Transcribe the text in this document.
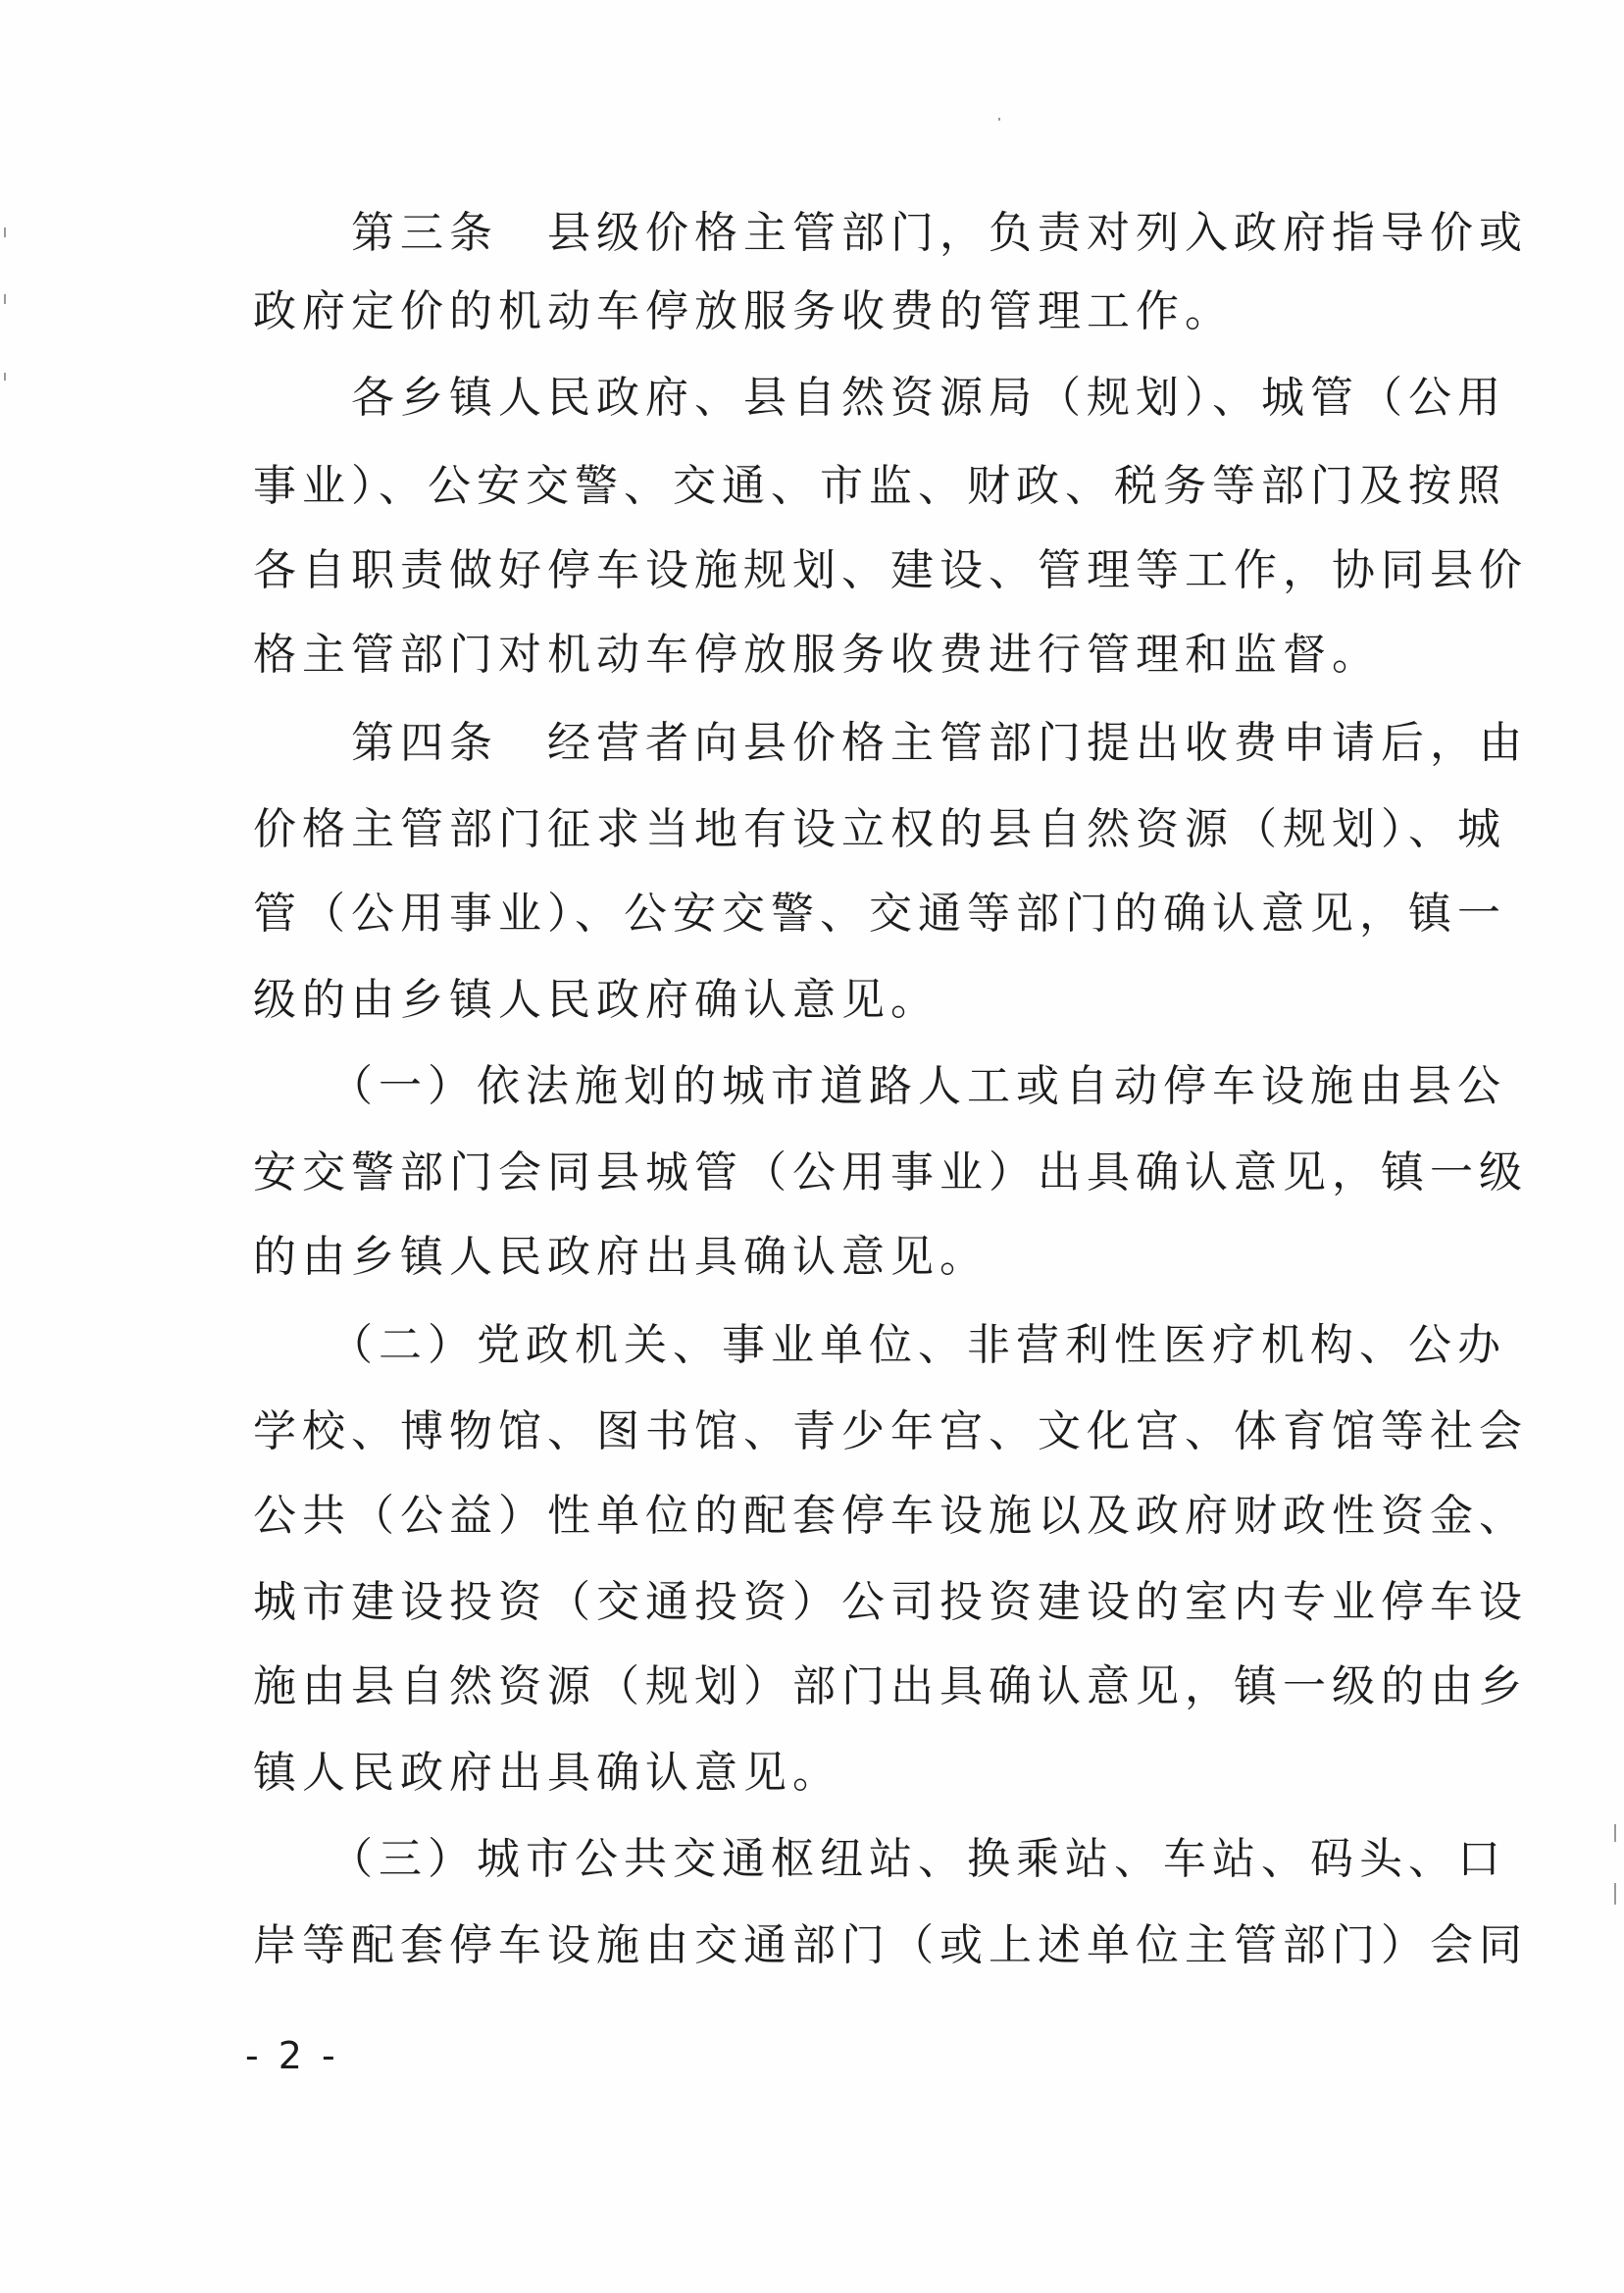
　　第三条　县级价格主管部门，负责对列入政府指导价或
政府定价的机动车停放服务收费的管理工作。
　　各乡镇人民政府、县自然资源局（规划）、城管（公用
事业）、公安交警、交通、市监、财政、税务等部门及按照
各自职责做好停车设施规划、建设、管理等工作，协同县价
格主管部门对机动车停放服务收费进行管理和监督。
　　第四条　经营者向县价格主管部门提出收费申请后，由
价格主管部门征求当地有设立权的县自然资源（规划）、城
管（公用事业）、公安交警、交通等部门的确认意见，镇一
级的由乡镇人民政府确认意见。
　　（一）依法施划的城市道路人工或自动停车设施由县公
安交警部门会同县城管（公用事业）出具确认意见，镇一级
的由乡镇人民政府出具确认意见。
　　（二）党政机关、事业单位、非营利性医疗机构、公办
学校、博物馆、图书馆、青少年宫、文化宫、体育馆等社会
公共（公益）性单位的配套停车设施以及政府财政性资金、
城市建设投资（交通投资）公司投资建设的室内专业停车设
施由县自然资源（规划）部门出具确认意见，镇一级的由乡
镇人民政府出具确认意见。
　　（三）城市公共交通枢纽站、换乘站、车站、码头、口
岸等配套停车设施由交通部门（或上述单位主管部门）会同
- 2 -
